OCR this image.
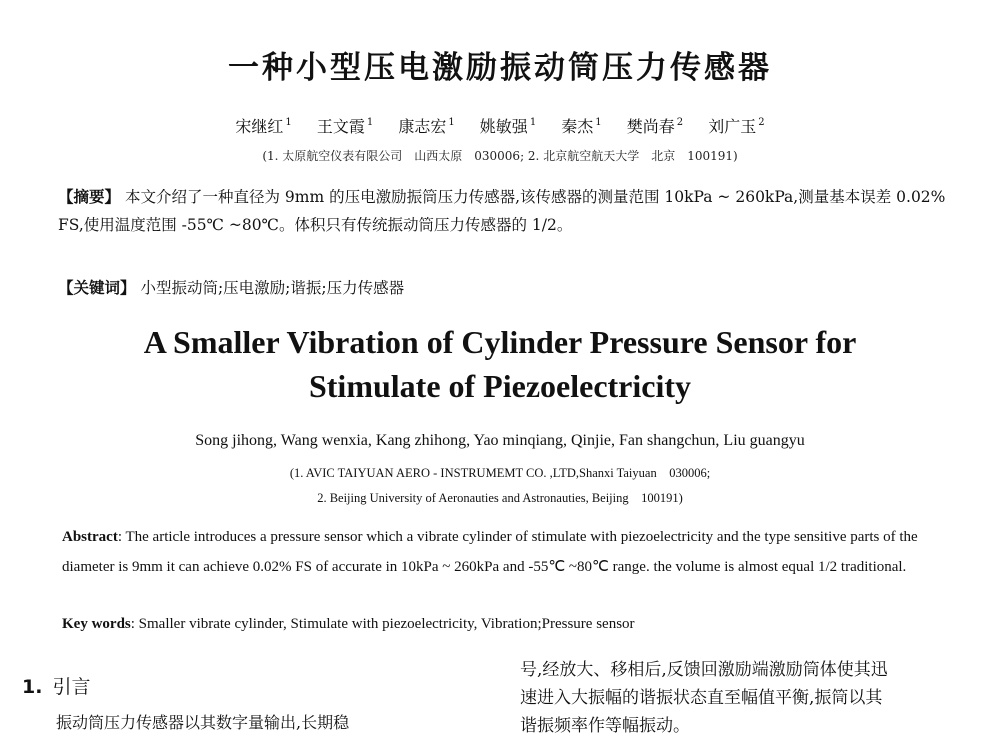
一种小型压电激励振动筒压力传感器
宋继红 $^1$ 王文霞 $^1$ 康志宏 $^1$ 姚敏强 $^1$ 秦杰 $^1$ 樊尚春 $^2$ 刘广玉 $^2$
(1. 太原航空仪表有限公司　山西太原　030006; 2. 北京航空航天大学　北京　100191)
【摘要】 本文介绍了一种直径为 9mm 的压电激励振筒压力传感器,该传感器的测量范围 10kPa ~ 260kPa,测量基本误差 0.02% FS,使用温度范围 -55℃ ~80℃。体积只有传统振动筒压力传感器的 1/2。
【关键词】 小型振动筒;压电激励;谐振;压力传感器
A Smaller Vibration of Cylinder Pressure Sensor for
Stimulate of Piezoelectricity
Song jihong, Wang wenxia, Kang zhihong, Yao minqiang, Qinjie, Fan shangchun, Liu guangyu
(1. AVIC TAIYUAN AERO - INSTRUMEMT CO. ,LTD,Shanxi Taiyuan　030006;
2. Beijing University of Aeronauties and Astronauties, Beijing　100191)
Abstract: The article introduces a pressure sensor which a vibrate cylinder of stimulate with piezoelectricity and the type sensitive parts of the diameter is 9mm it can achieve 0.02% FS of accurate in 10kPa ~ 260kPa and -55℃ ~80℃ range. the volume is almost equal 1/2 traditional.
Key words: Smaller vibrate cylinder, Stimulate with piezoelectricity, Vibration;Pressure sensor
1. 引言
振动筒压力传感器以其数字量输出,长期稳
号,经放大、移相后,反馈回激励端激励筒体使其迅
速进入大振幅的谐振状态直至幅值平衡,振筒以其
谐振频率作等幅振动。
